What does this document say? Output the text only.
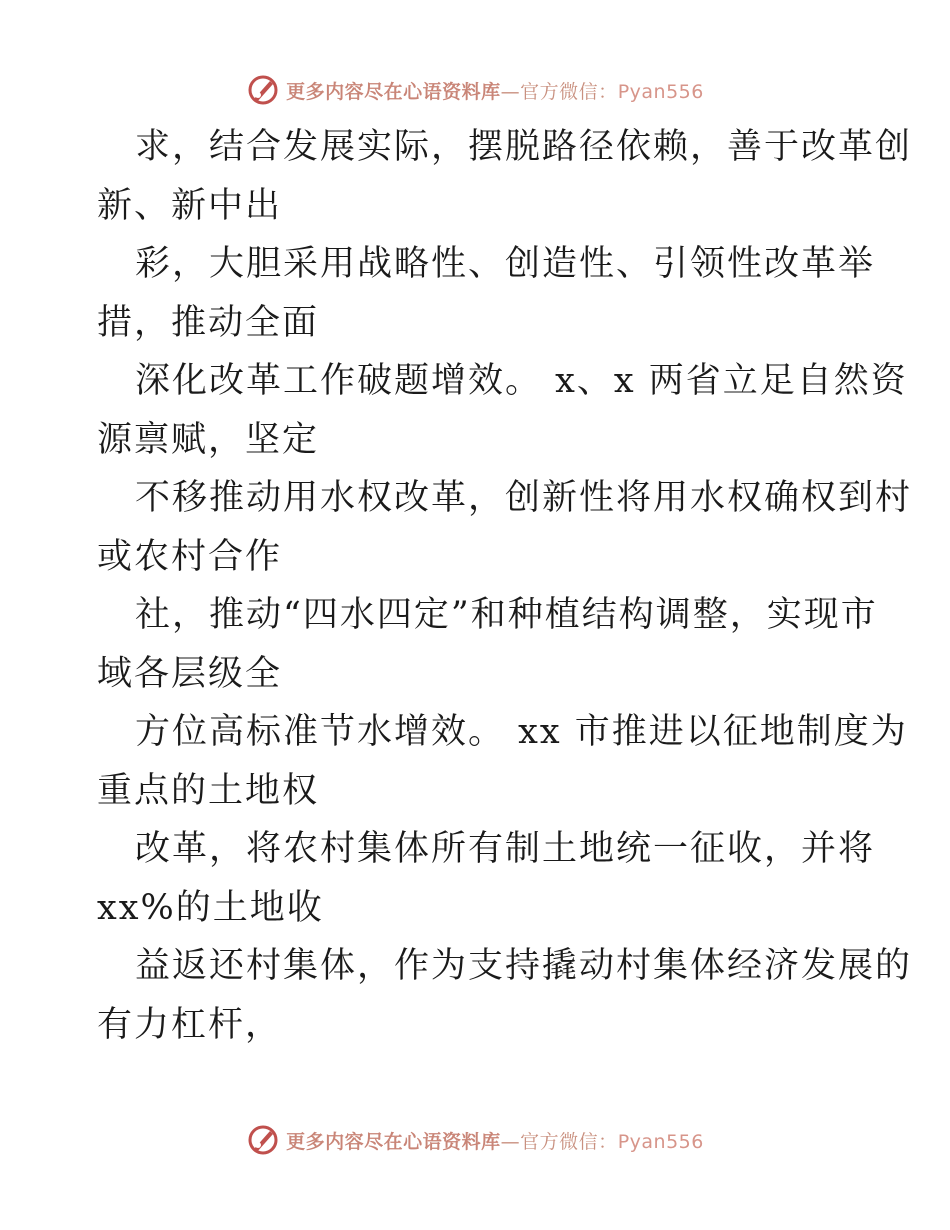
更多内容尽在心语资料库—官方微信：Pyan556
求，结合发展实际，摆脱路径依赖，善于改革创
新、新中出
彩，大胆采用战略性、创造性、引领性改革举
措，推动全面
深化改革工作破题增效。 x、x 两省立足自然资
源禀赋，坚定
不移推动用水权改革，创新性将用水权确权到村
或农村合作
社，推动“四水四定”和种植结构调整，实现市
域各层级全
方位高标准节水增效。 xx 市推进以征地制度为
重点的土地权
改革，将农村集体所有制土地统一征收，并将
xx%的土地收
益返还村集体，作为支持撬动村集体经济发展的
有力杠杆，
更多内容尽在心语资料库—官方微信：Pyan556
